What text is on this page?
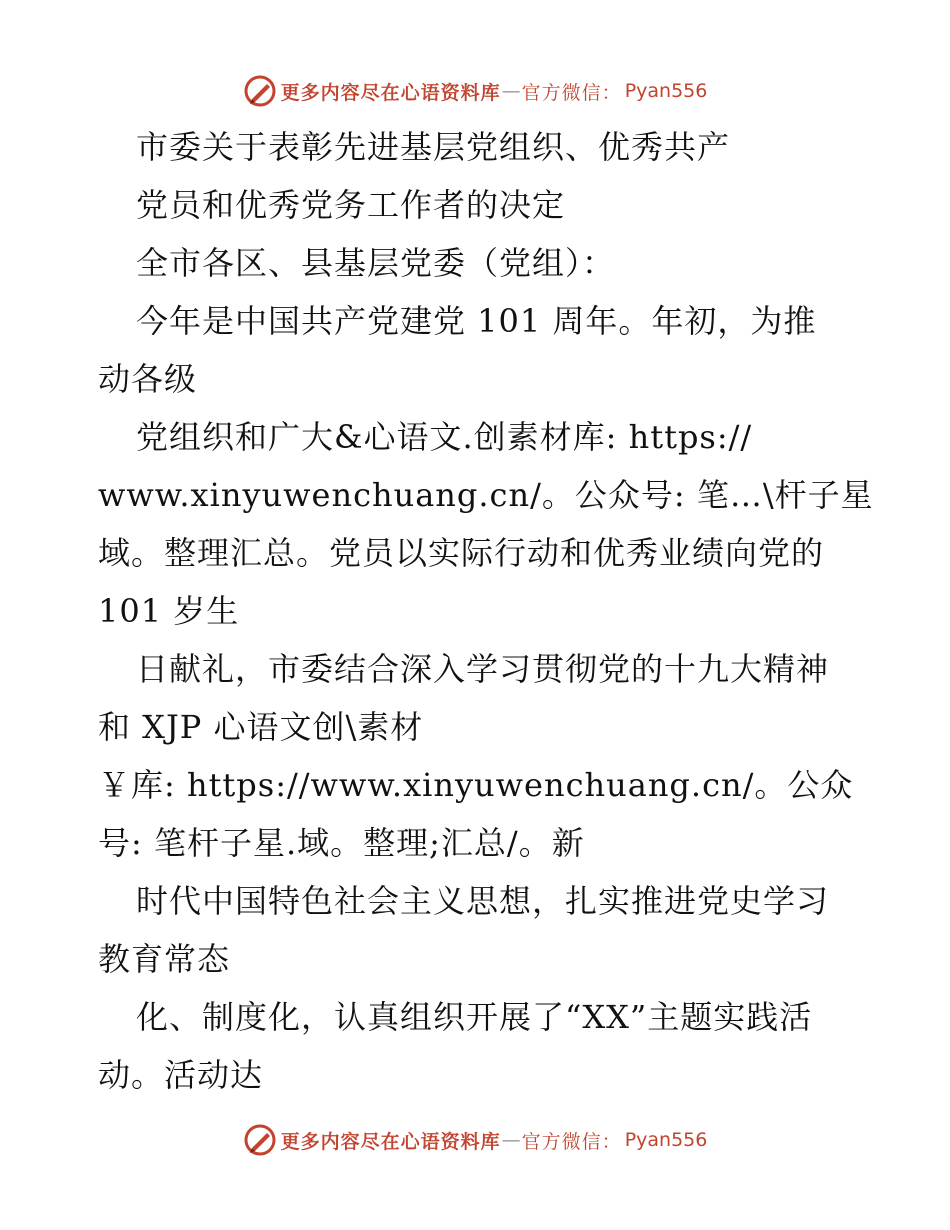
更多内容尽在心语资料库 — 官方微信 ： Pyan556
市委关于表彰先进基层党组织、优秀共产
党员和优秀党务工作者的决定
全市各区、县基层党委（党组）：
今年是中国共产党建党 101 周年。年初，为推
动各级
党组织和广大&心语文.创素材库: https://
www.xinyuwenchuang.cn/。公众号: 笔…\杆子星
域。整理汇总。党员以实际行动和优秀业绩向党的
101 岁生
日献礼，市委结合深入学习贯彻党的十九大精神
和 XJP 心语文创\素材
￥库: https://www.xinyuwenchuang.cn/。公众
号: 笔杆子星.域。整理;汇总/。新
时代中国特色社会主义思想，扎实推进党史学习
教育常态
化、制度化，认真组织开展了“XX”主题实践活
动。活动达
更多内容尽在心语资料库 — 官方微信 ： Pyan556
